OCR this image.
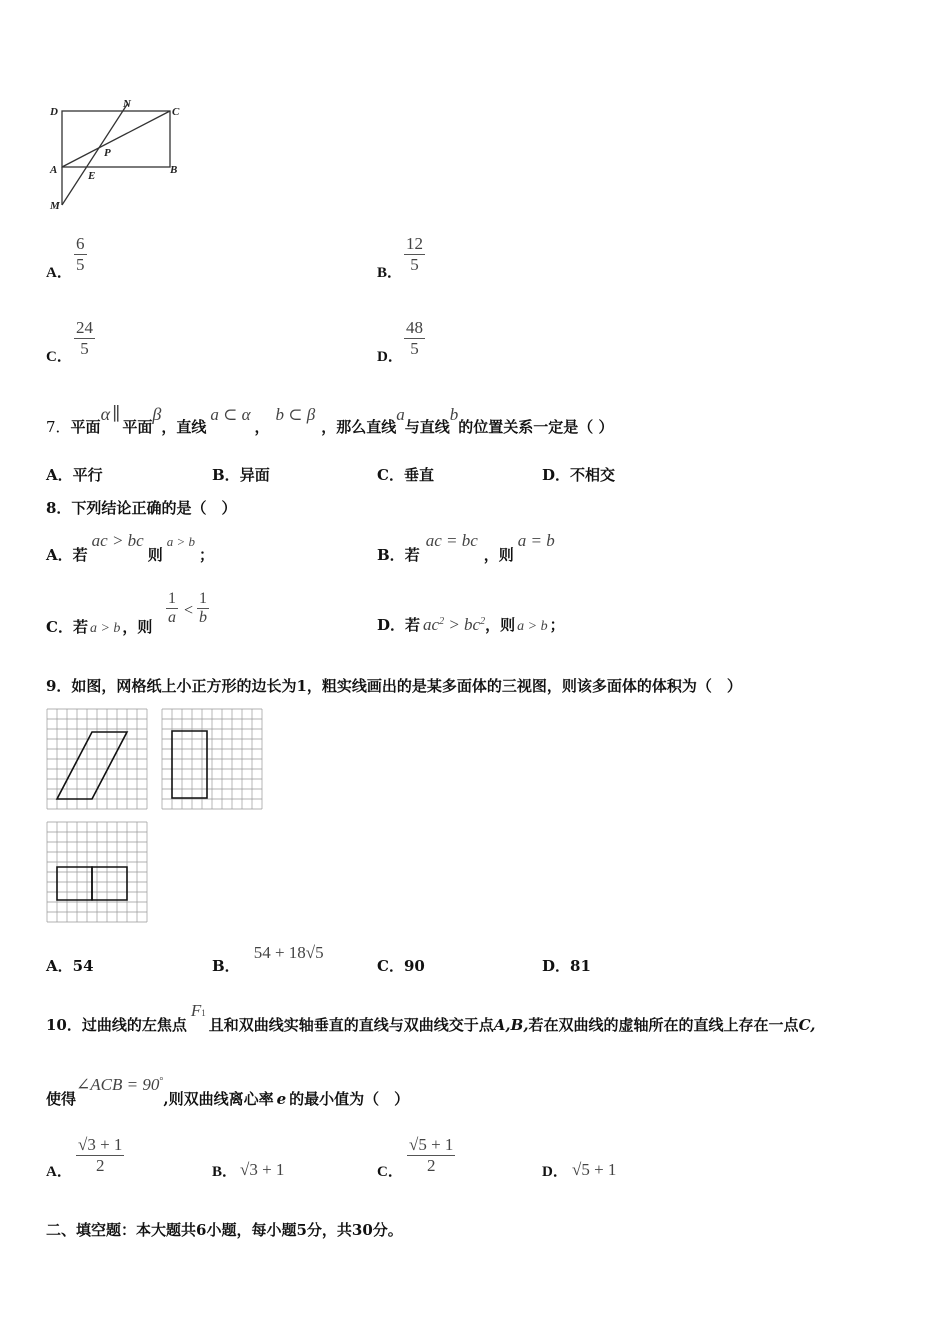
D
N
C
A
P
B
E
M
A． $\frac{6}{5}$	B． $\frac{12}{5}$
C． $\frac{24}{5}$	D． $\frac{48}{5}$
7．平面α ∥平面β，直线a ⊂ α，b ⊂ β，那么直线a与直线b的位置关系一定是（ ）
A．平行	B．异面	C．垂直	D．不相交
8．下列结论正确的是（　）
A．若ac > bc则a > b；	B．若ac = bc，则a = b
C．若 a > b ，则 $\frac{1}{a} < \frac{1}{b}$	D．若 $ac^2 > bc^2$，则 a > b ；
9．如图，网格纸上小正方形的边长为1，粗实线画出的是某多面体的三视图，则该多面体的体积为（　）
A．54	B．54 + 18√5
C．90	D．81
10．过曲线的左焦点F1且和双曲线实轴垂直的直线与双曲线交于点A,B,若在双曲线的虚轴所在的直线上存在一点C,
使得∠ACB = 90°,则双曲线离心率 e 的最小值为（　）
A． $\frac{√3 + 1}{2}$	B． √3 + 1	C． $\frac{√5 + 1}{2}$	D． √5 + 1
二、填空题：本大题共6小题，每小题5分，共30分。
